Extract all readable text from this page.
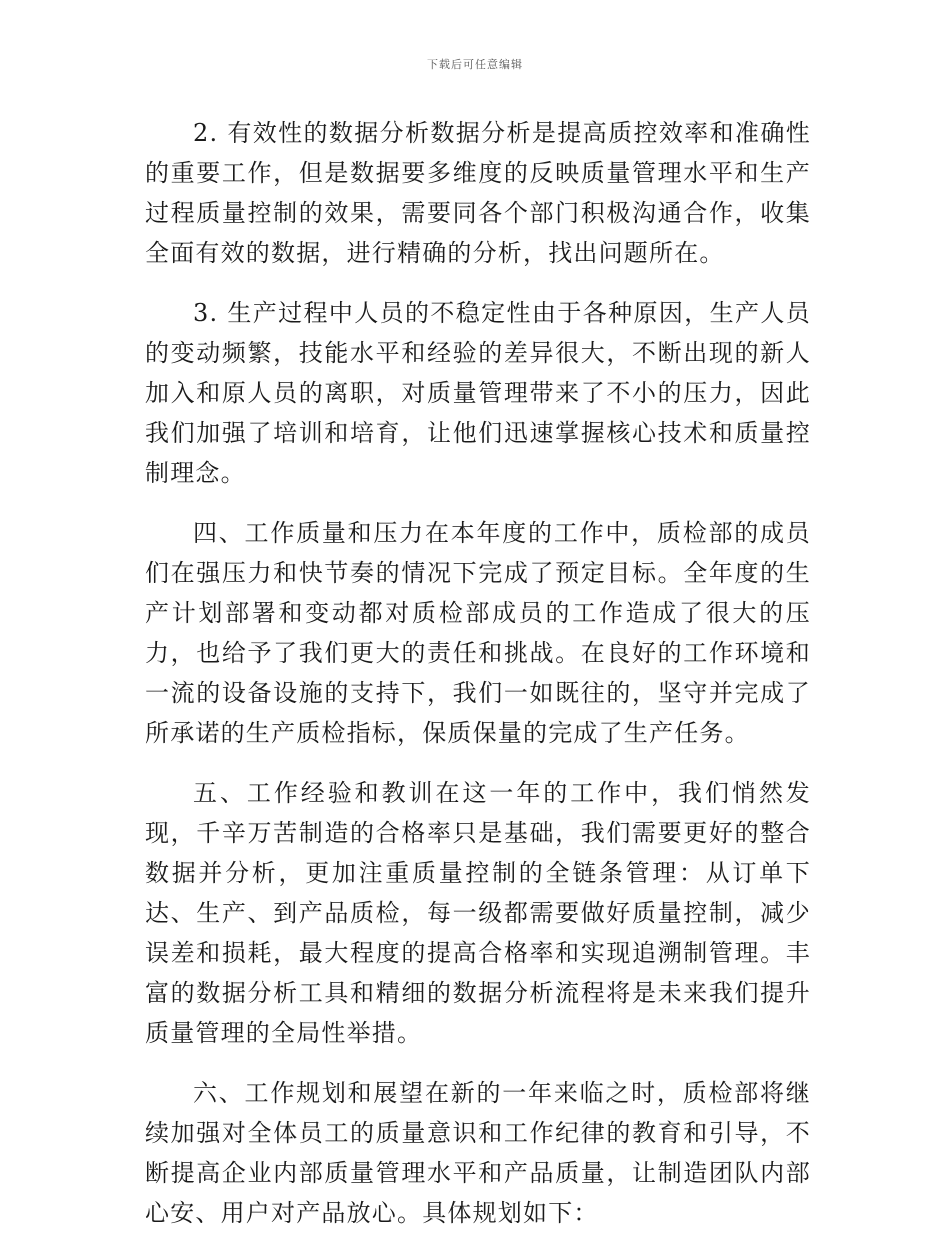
下载后可任意编辑

2. 有效性的数据分析数据分析是提高质控效率和准确性的重要工作，但是数据要多维度的反映质量管理水平和生产过程质量控制的效果，需要同各个部门积极沟通合作，收集全面有效的数据，进行精确的分析，找出问题所在。

3. 生产过程中人员的不稳定性由于各种原因，生产人员的变动频繁，技能水平和经验的差异很大，不断出现的新人加入和原人员的离职，对质量管理带来了不小的压力，因此我们加强了培训和培育，让他们迅速掌握核心技术和质量控制理念。

四、工作质量和压力在本年度的工作中，质检部的成员们在强压力和快节奏的情况下完成了预定目标。全年度的生产计划部署和变动都对质检部成员的工作造成了很大的压力，也给予了我们更大的责任和挑战。在良好的工作环境和一流的设备设施的支持下，我们一如既往的，坚守并完成了所承诺的生产质检指标，保质保量的完成了生产任务。

五、工作经验和教训在这一年的工作中，我们悄然发现，千辛万苦制造的合格率只是基础，我们需要更好的整合数据并分析，更加注重质量控制的全链条管理：从订单下达、生产、到产品质检，每一级都需要做好质量控制，减少误差和损耗，最大程度的提高合格率和实现追溯制管理。丰富的数据分析工具和精细的数据分析流程将是未来我们提升质量管理的全局性举措。

六、工作规划和展望在新的一年来临之时，质检部将继续加强对全体员工的质量意识和工作纪律的教育和引导，不断提高企业内部质量管理水平和产品质量，让制造团队内部心安、用户对产品放心。具体规划如下：
